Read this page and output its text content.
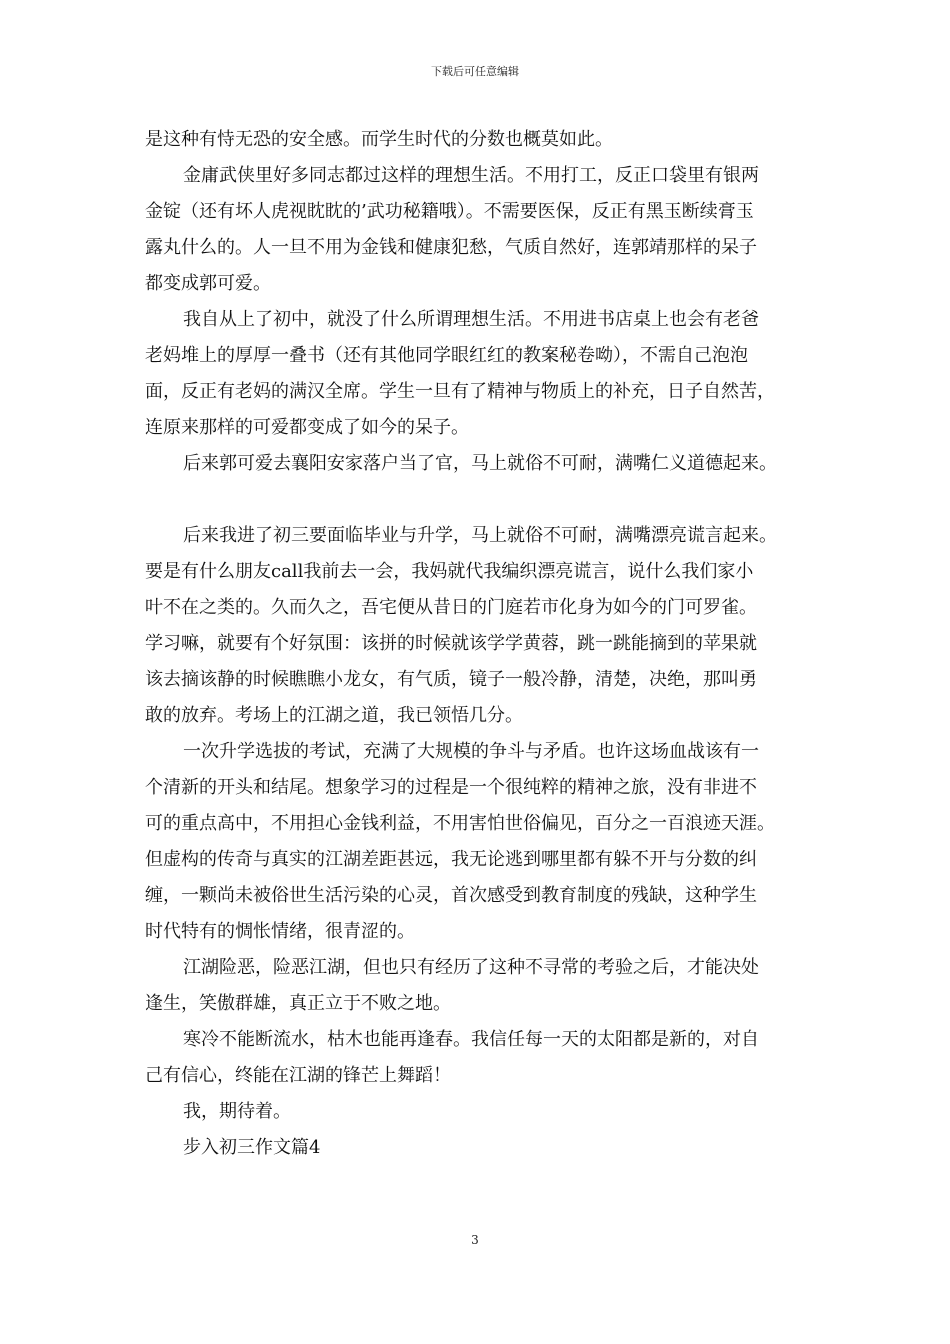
下载后可任意编辑
是这种有恃无恐的安全感。而学生时代的分数也概莫如此。
金庸武侠里好多同志都过这样的理想生活。不用打工，反正口袋里有银两
金锭（还有坏人虎视眈眈的’武功秘籍哦）。不需要医保，反正有黑玉断续膏玉
露丸什么的。人一旦不用为金钱和健康犯愁，气质自然好，连郭靖那样的呆子
都变成郭可爱。
我自从上了初中，就没了什么所谓理想生活。不用进书店桌上也会有老爸
老妈堆上的厚厚一叠书（还有其他同学眼红红的教案秘卷呦），不需自己泡泡
面，反正有老妈的满汉全席。学生一旦有了精神与物质上的补充，日子自然苦，
连原来那样的可爱都变成了如今的呆子。
后来郭可爱去襄阳安家落户当了官，马上就俗不可耐，满嘴仁义道德起来。
后来我进了初三要面临毕业与升学，马上就俗不可耐，满嘴漂亮谎言起来。
要是有什么朋友call我前去一会，我妈就代我编织漂亮谎言，说什么我们家小
叶不在之类的。久而久之，吾宅便从昔日的门庭若市化身为如今的门可罗雀。
学习嘛，就要有个好氛围：该拼的时候就该学学黄蓉，跳一跳能摘到的苹果就
该去摘该静的时候瞧瞧小龙女，有气质，镜子一般冷静，清楚，决绝，那叫勇
敢的放弃。考场上的江湖之道，我已领悟几分。
一次升学选拔的考试，充满了大规模的争斗与矛盾。也许这场血战该有一
个清新的开头和结尾。想象学习的过程是一个很纯粹的精神之旅，没有非进不
可的重点高中，不用担心金钱利益，不用害怕世俗偏见，百分之一百浪迹天涯。
但虚构的传奇与真实的江湖差距甚远，我无论逃到哪里都有躲不开与分数的纠
缠，一颗尚未被俗世生活污染的心灵，首次感受到教育制度的残缺，这种学生
时代特有的惆怅情绪，很青涩的。
江湖险恶，险恶江湖，但也只有经历了这种不寻常的考验之后，才能决处
逢生，笑傲群雄，真正立于不败之地。
寒冷不能断流水，枯木也能再逢春。我信任每一天的太阳都是新的，对自
己有信心，终能在江湖的锋芒上舞蹈！
我，期待着。
步入初三作文篇4
3
